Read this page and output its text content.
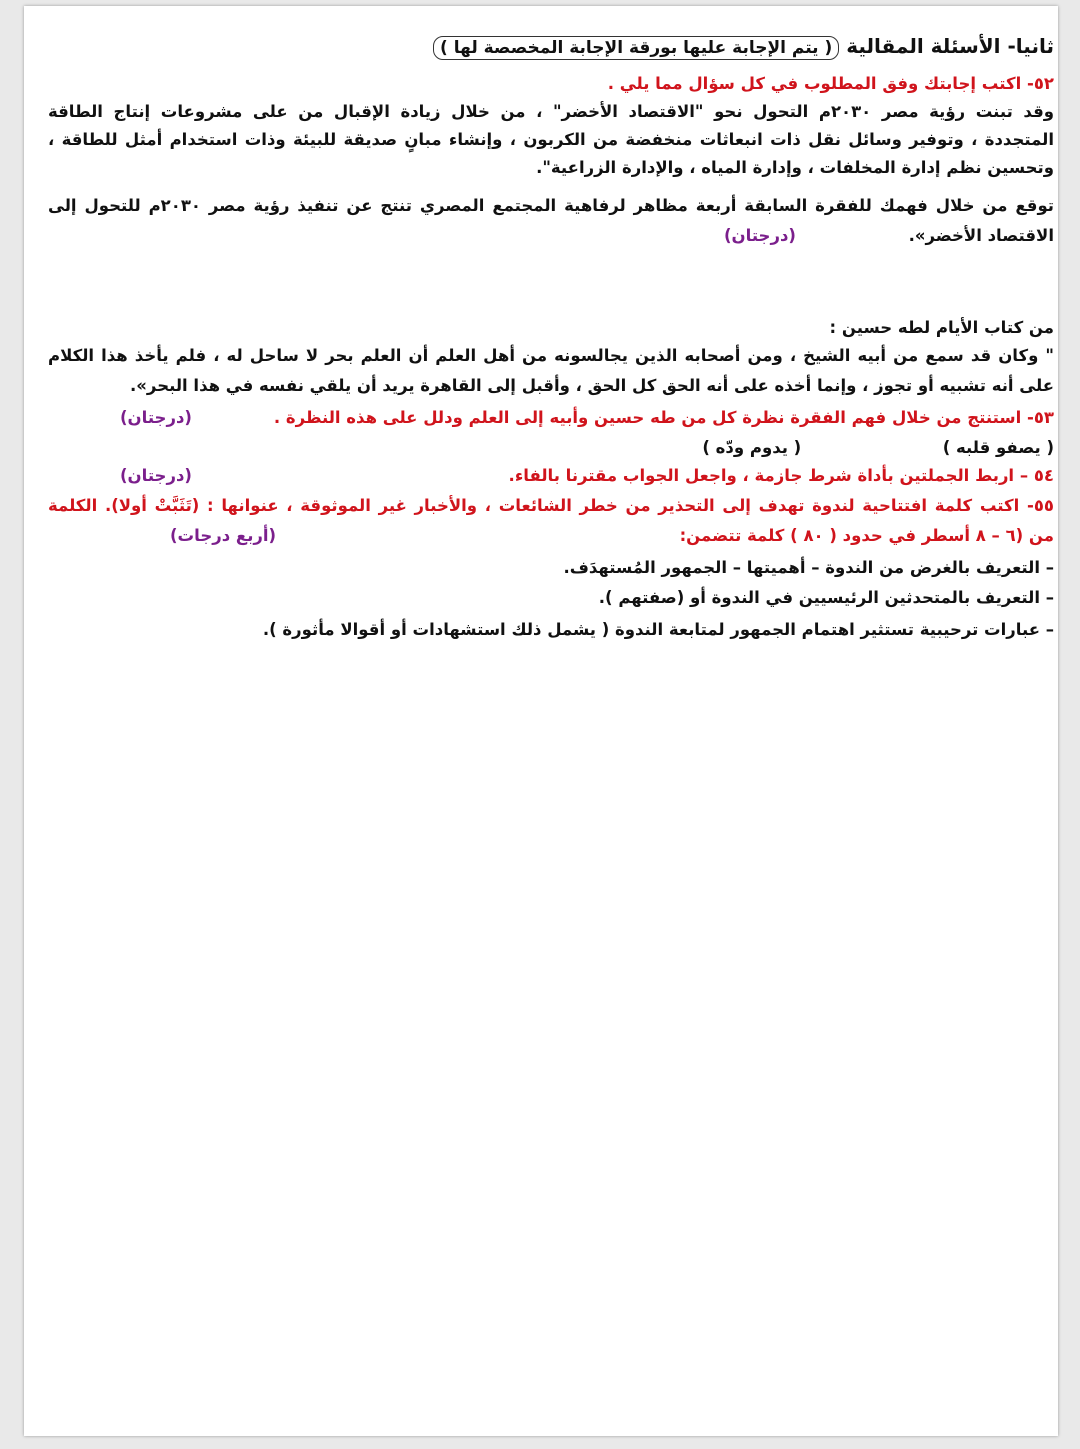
ثانيا- الأسئلة المقالية ( يتم الإجابة عليها بورقة الإجابة المخصصة لها )
٥٢- اكتب إجابتك وفق المطلوب في كل سؤال مما يلي .
وقد تبنت رؤية مصر ٢٠٣٠م التحول نحو "الاقتصاد الأخضر" ، من خلال زيادة الإقبال من على مشروعات إنتاج الطاقة
المتجددة ، وتوفير وسائل نقل ذات انبعاثات منخفضة من الكربون ، وإنشاء مبانٍ صديقة للبيئة وذات استخدام أمثل للطاقة ،
وتحسين نظم إدارة المخلفات ، وإدارة المياه ، والإدارة الزراعية".
توقع من خلال فهمك للفقرة السابقة أربعة مظاهر لرفاهية المجتمع المصري تنتج عن تنفيذ رؤية مصر ٢٠٣٠م للتحول إلى
الاقتصاد الأخضر».
(درجتان)
من كتاب الأيام لطه حسين :
" وكان قد سمع من أبيه الشيخ ، ومن أصحابه الذين يجالسونه من أهل العلم أن العلم بحر لا ساحل له ، فلم يأخذ هذا الكلام
على أنه تشبيه أو تجوز ، وإنما أخذه على أنه الحق كل الحق ، وأقبل إلى القاهرة يريد أن يلقي نفسه في هذا البحر».
٥٣- استنتج من خلال فهم الفقرة نظرة كل من طه حسين وأبيه إلى العلم ودلل على هذه النظرة .
(درجتان)
( يصفو قلبه )  ( يدوم ودّه )
٥٤ – اربط الجملتين بأداة شرط جازمة ، واجعل الجواب مقترنا بالفاء.
(درجتان)
٥٥- اكتب كلمة افتتاحية لندوة تهدف إلى التحذير من خطر الشائعات ، والأخبار غير الموثوقة ، عنوانها : (تَثَبَّتْ أولا). الكلمة
من (٦ – ٨ أسطر في حدود ( ٨٠ ) كلمة تتضمن:
(أربع درجات)
– التعريف بالغرض من الندوة – أهميتها – الجمهور المُستهدَف.
– التعريف بالمتحدثين الرئيسيين في الندوة أو (صفتهم ).
– عبارات ترحيبية تستثير اهتمام الجمهور لمتابعة الندوة ( يشمل ذلك استشهادات أو أقوالا مأثورة ).
